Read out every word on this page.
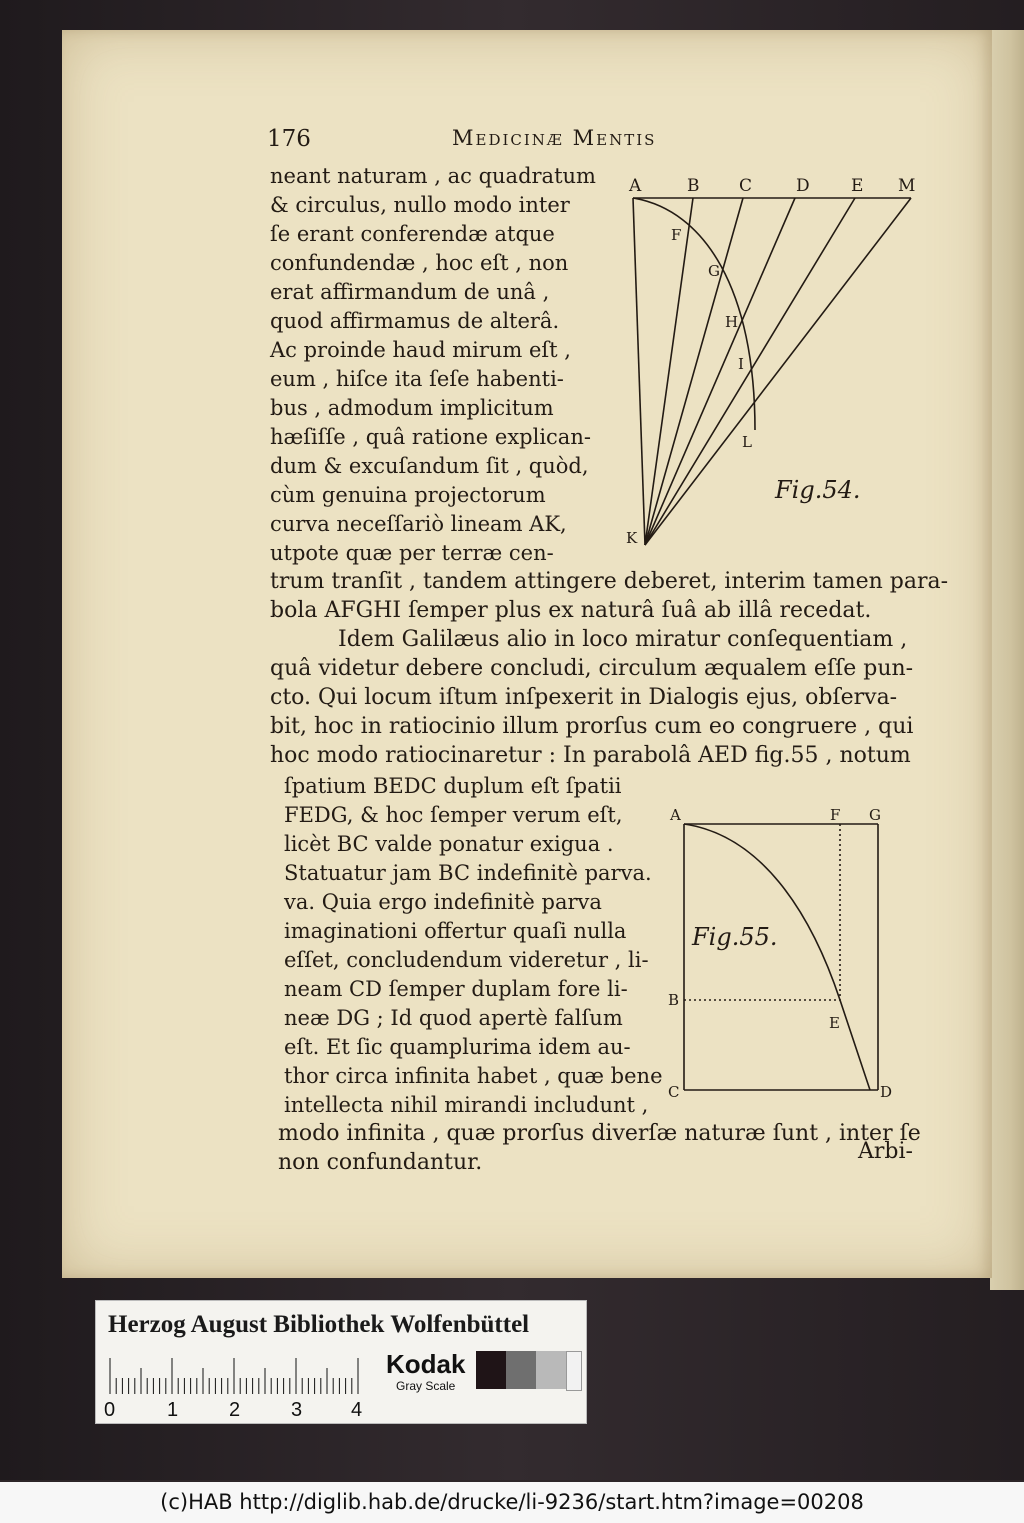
176	Medicinæ Mentis
neant naturam , ac quadratum
& circulus, nullo modo inter
ſe erant conferendæ atque
confundendæ , hoc eſt , non
erat affirmandum de unâ ,
quod affirmamus de alterâ.
Ac proinde haud mirum eſt ,
eum , hiſce ita ſeſe habenti-
bus , admodum implicitum
hæſiſſe , quâ ratione explican-
dum & excuſandum ſit , quòd,
cùm genuina projectorum
curva neceſſariò lineam AK,
utpote quæ per terræ cen-
A	B C	D E M
F
G
H
I
L
K
Fig.54.
trum tranſit , tandem attingere deberet, interim tamen para-
bola AFGHI ſemper plus ex naturâ ſuâ ab illâ recedat.
Idem Galilæus alio in loco miratur conſequentiam ,
quâ videtur debere concludi, circulum æqualem eſſe pun-
cto. Qui locum iſtum inſpexerit in Dialogis ejus, obſerva-
bit, hoc in ratiocinio illum prorſus cum eo congruere , qui
hoc modo ratiocinaretur : In parabolâ AED fig.55 , notum
ſpatium BEDC duplum eſt ſpatii
FEDG, & hoc ſemper verum eſt,
licèt BC valde ponatur exigua .
Statuatur jam BC indefinitè parva.
va. Quia ergo indefinitè parva
imaginationi offertur quaſi nulla
eſſet, concludendum videretur , li-
neam CD ſemper duplam fore li-
neæ DG ; Id quod apertè falſum
eſt. Et ſic quamplurima idem au-
thor circa infinita habet , quæ bene
intellecta nihil mirandi includunt ,
A	F G
B
E
C	D
Fig.55.
modo infinita , quæ prorſus diverſæ naturæ ſunt , inter ſe
non confundantur.	Arbi-
Herzog August Bibliothek Wolfenbüttel
0	1	2	3 4
Kodak
Gray Scale
(c)HAB http://diglib.hab.de/drucke/li-9236/start.htm?image=00208
